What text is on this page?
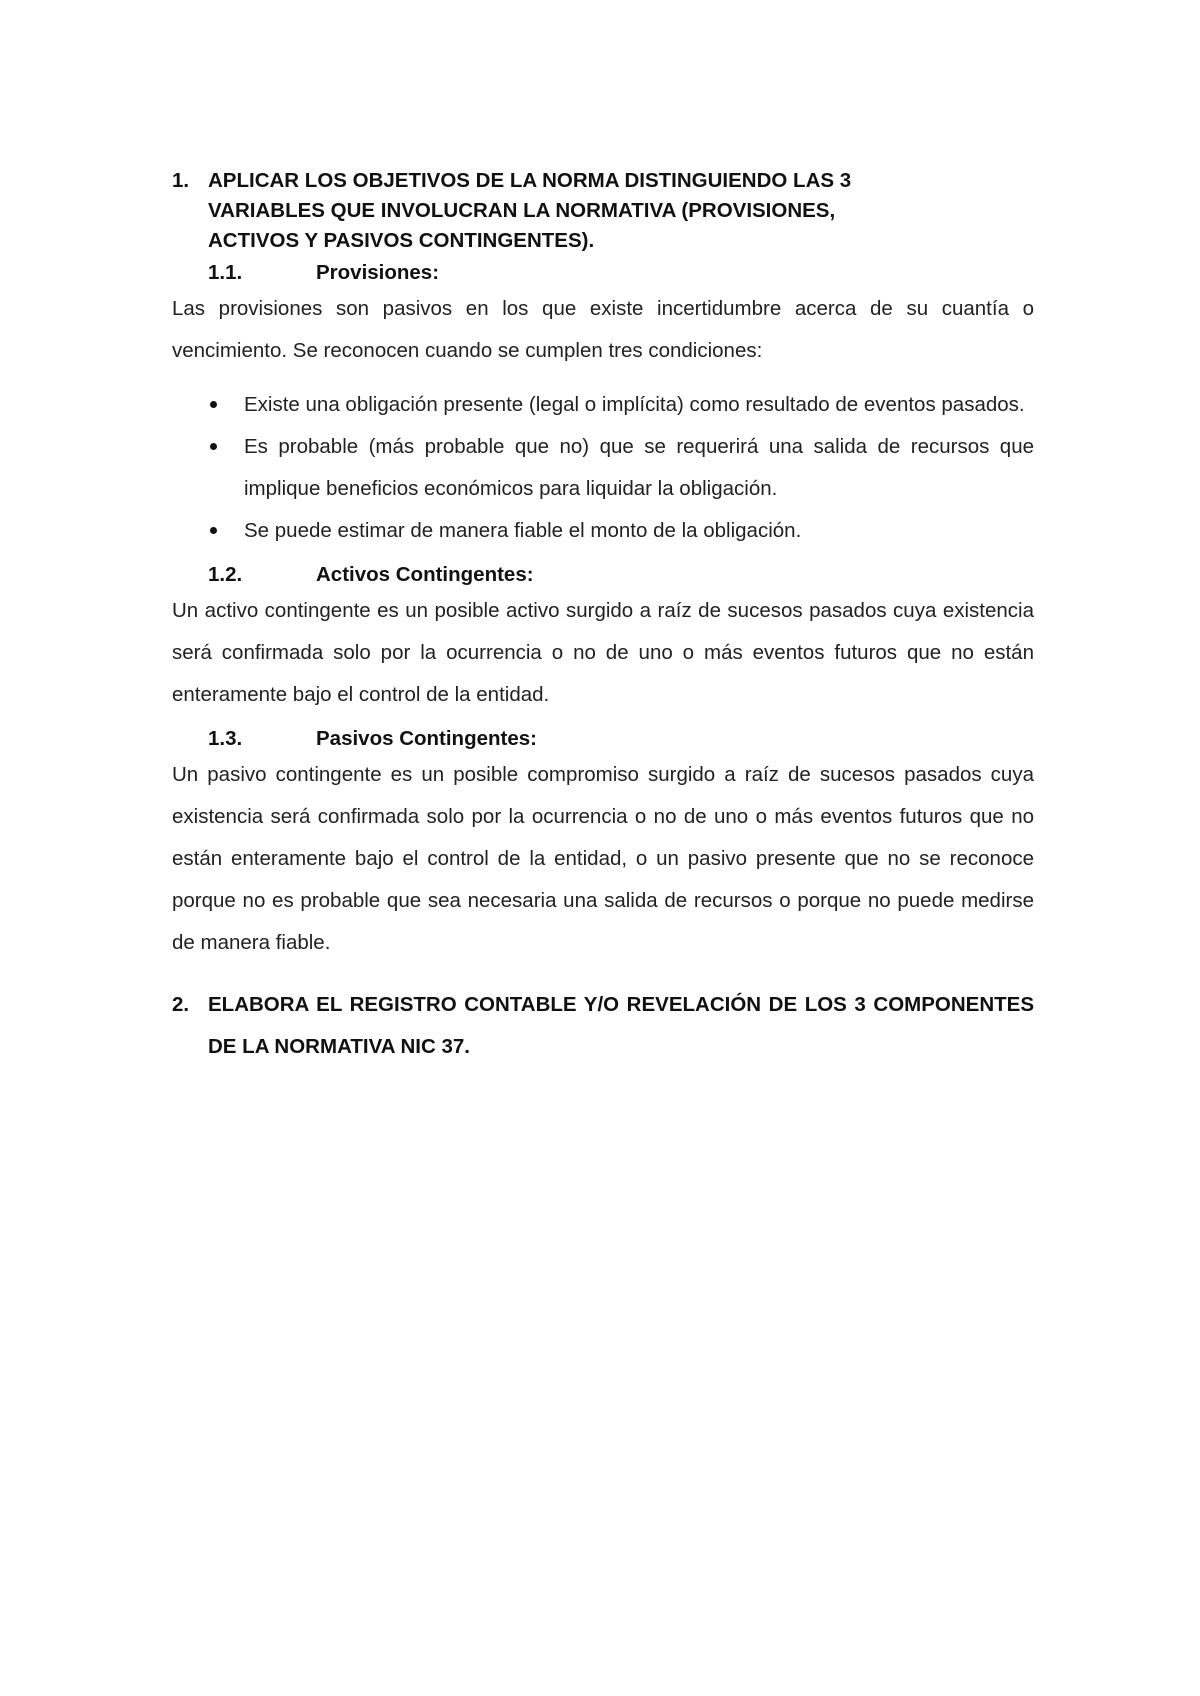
1. APLICAR LOS OBJETIVOS DE LA NORMA DISTINGUIENDO LAS 3
VARIABLES QUE INVOLUCRAN LA NORMATIVA (PROVISIONES,
ACTIVOS Y PASIVOS CONTINGENTES).
1.1.	Provisiones:

Las provisiones son pasivos en los que existe incertidumbre acerca de su cuantía o vencimiento. Se reconocen cuando se cumplen tres condiciones:

Existe una obligación presente (legal o implícita) como resultado de eventos pasados.
Es probable (más probable que no) que se requerirá una salida de recursos que implique beneficios económicos para liquidar la obligación.
Se puede estimar de manera fiable el monto de la obligación.
1.2.	Activos Contingentes:

Un activo contingente es un posible activo surgido a raíz de sucesos pasados cuya existencia será confirmada solo por la ocurrencia o no de uno o más eventos futuros que no están enteramente bajo el control de la entidad.

1.3.	Pasivos Contingentes:

Un pasivo contingente es un posible compromiso surgido a raíz de sucesos pasados cuya existencia será confirmada solo por la ocurrencia o no de uno o más eventos futuros que no están enteramente bajo el control de la entidad, o un pasivo presente que no se reconoce porque no es probable que sea necesaria una salida de recursos o porque no puede medirse de manera fiable.

2. ELABORA EL REGISTRO CONTABLE Y/O REVELACIÓN DE LOS 3 COMPONENTES DE LA NORMATIVA NIC 37.
